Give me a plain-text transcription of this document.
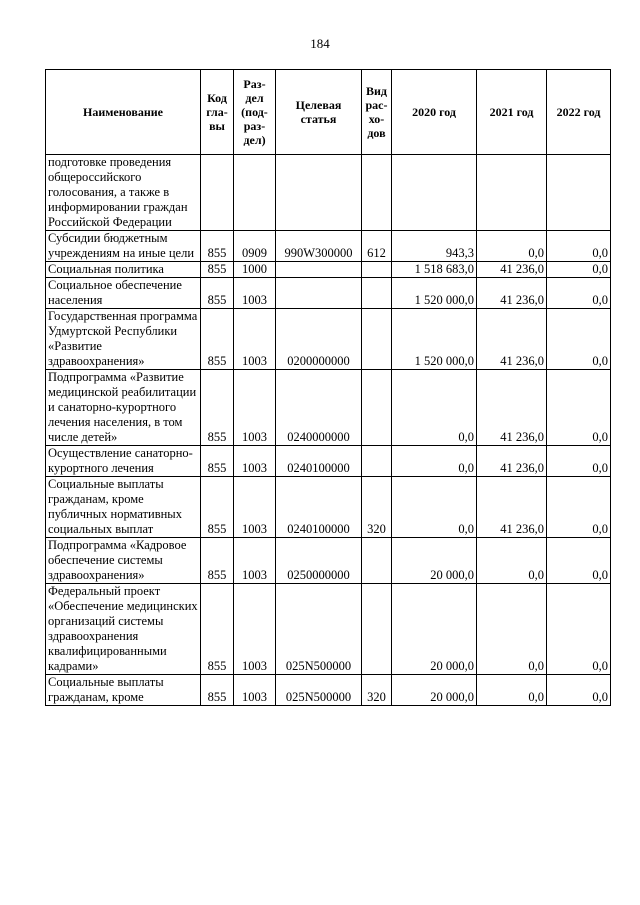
184
Наименование	Код гла- вы	Раз- дел (под- раз- дел)	Целевая статья	Вид рас- хо- дов	2020 год	2021 год	2022 год
подготовке проведения общероссийского голосования, а также в информировании граждан Российской Федерации							
Субсидии бюджетным учреждениям на иные цели	855	0909	990W300000	612	943,3	0,0	0,0
Социальная политика	855	1000			1 518 683,0	41 236,0	0,0
Социальное обеспечение населения	855	1003			1 520 000,0	41 236,0	0,0
Государственная программа Удмуртской Республики «Развитие здравоохранения»	855	1003	0200000000		1 520 000,0	41 236,0	0,0
Подпрограмма «Развитие медицинской реабилитации и санаторно-курортного лечения населения, в том числе детей»	855	1003	0240000000		0,0	41 236,0	0,0
Осуществление санаторно-курортного лечения	855	1003	0240100000		0,0	41 236,0	0,0
Социальные выплаты гражданам, кроме публичных нормативных социальных выплат	855	1003	0240100000	320	0,0	41 236,0	0,0
Подпрограмма «Кадровое обеспечение системы здравоохранения»	855	1003	0250000000		20 000,0	0,0	0,0
Федеральный проект «Обеспечение медицинских организаций системы здравоохранения квалифицированными кадрами»	855	1003	025N500000		20 000,0	0,0	0,0
Социальные выплаты гражданам, кроме	855	1003	025N500000	320	20 000,0	0,0	0,0
